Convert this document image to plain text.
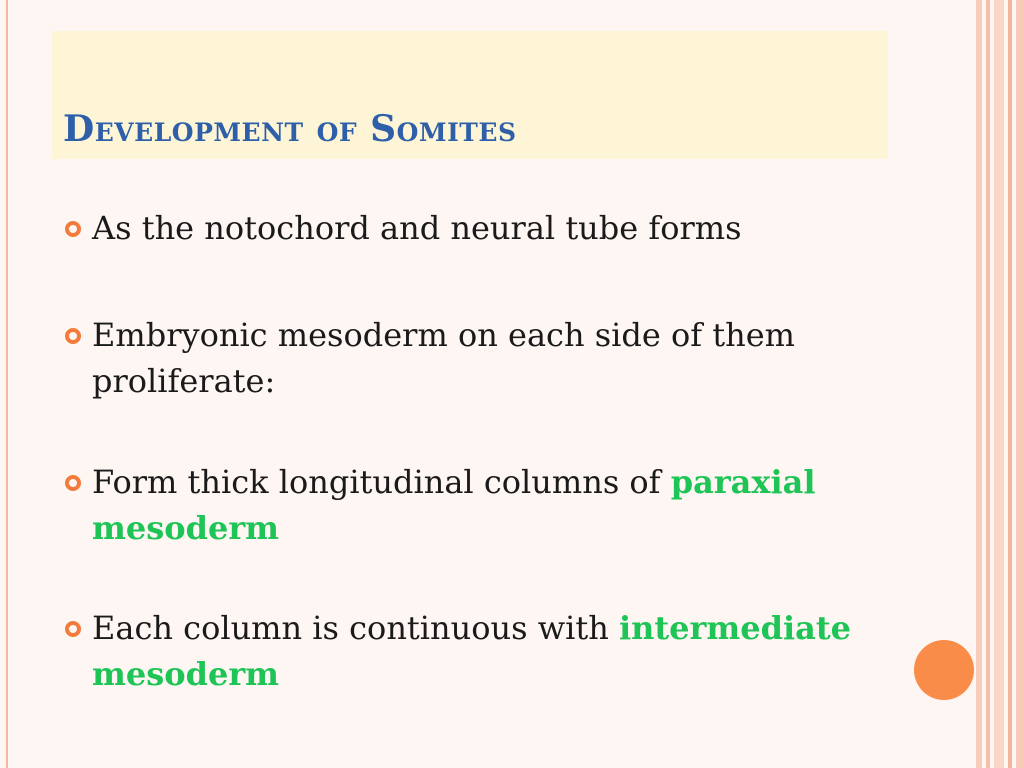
Development of Somites
As the notochord and neural tube forms
Embryonic mesoderm on each side of them proliferate:
Form thick longitudinal columns of paraxial mesoderm
Each column is continuous with intermediate mesoderm
